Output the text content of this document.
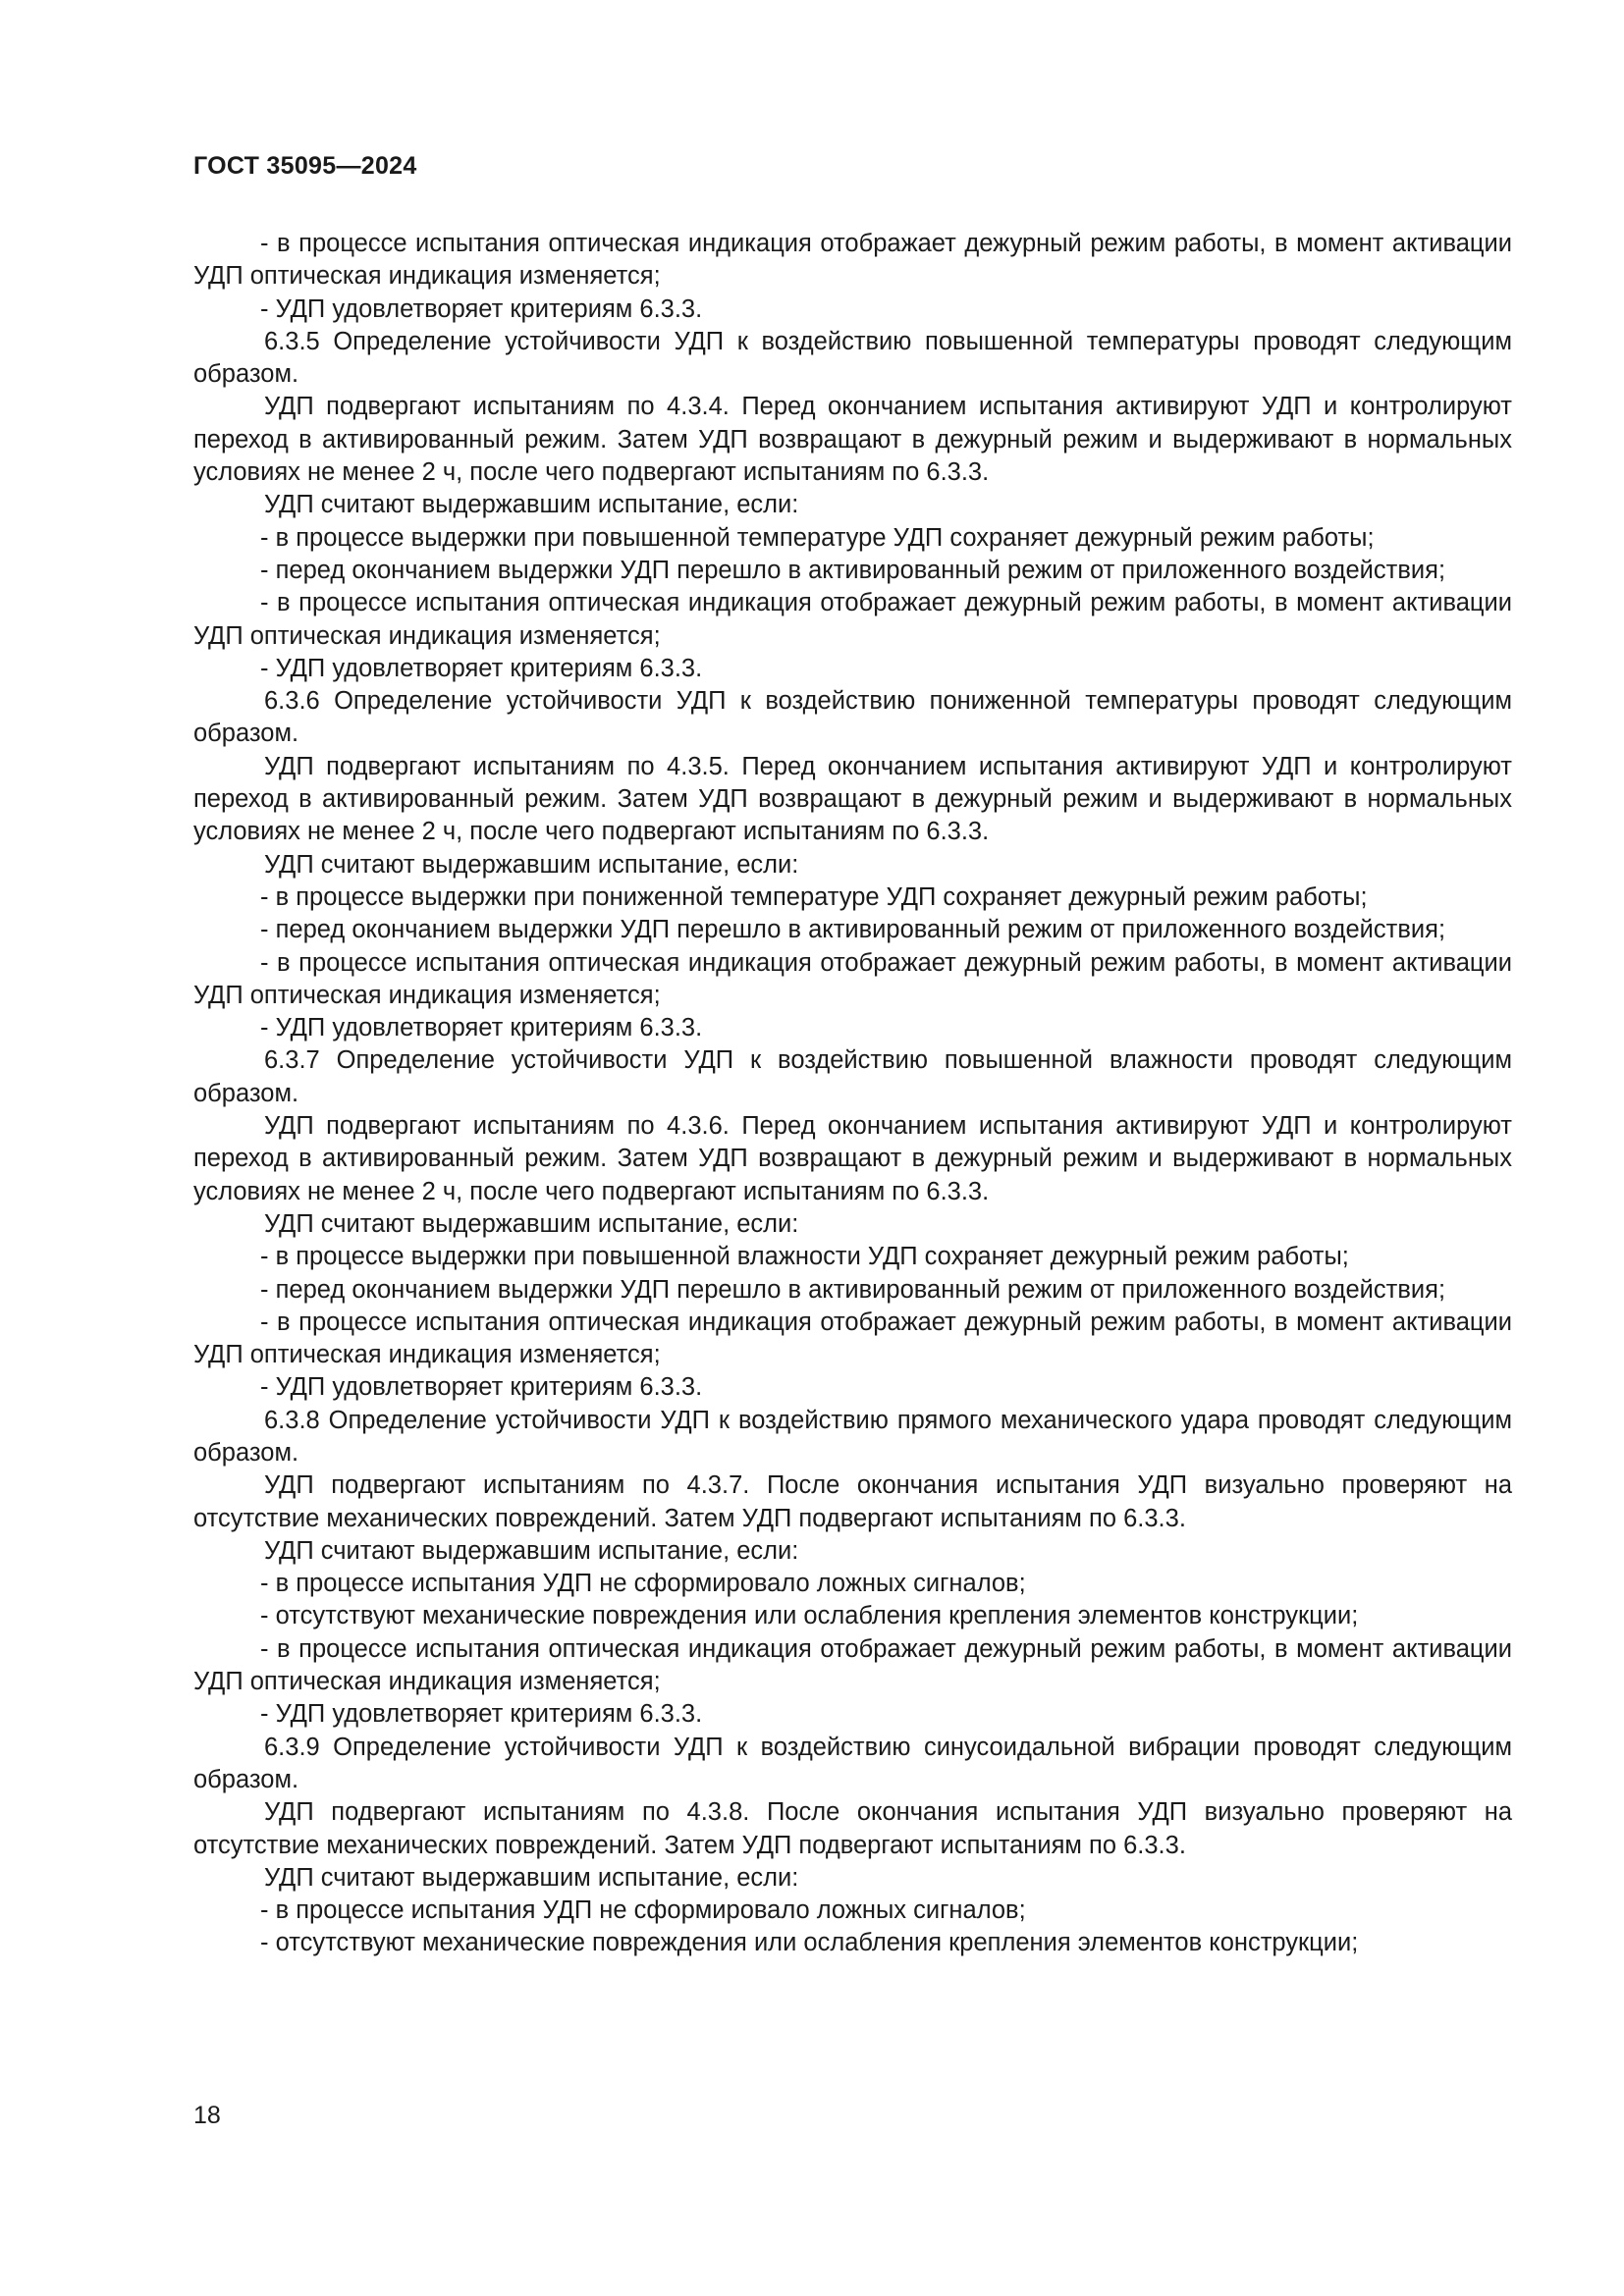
ГОСТ 35095—2024

- в процессе испытания оптическая индикация отображает дежурный режим работы, в момент активации УДП оптическая индикация изменяется;

- УДП удовлетворяет критериям 6.3.3.

6.3.5 Определение устойчивости УДП к воздействию повышенной температуры проводят следующим образом.

УДП подвергают испытаниям по 4.3.4. Перед окончанием испытания активируют УДП и контролируют переход в активированный режим. Затем УДП возвращают в дежурный режим и выдерживают в нормальных условиях не менее 2 ч, после чего подвергают испытаниям по 6.3.3.

УДП считают выдержавшим испытание, если:

- в процессе выдержки при повышенной температуре УДП сохраняет дежурный режим работы;

- перед окончанием выдержки УДП перешло в активированный режим от приложенного воздействия;

- в процессе испытания оптическая индикация отображает дежурный режим работы, в момент активации УДП оптическая индикация изменяется;

- УДП удовлетворяет критериям 6.3.3.

6.3.6 Определение устойчивости УДП к воздействию пониженной температуры проводят следующим образом.

УДП подвергают испытаниям по 4.3.5. Перед окончанием испытания активируют УДП и контролируют переход в активированный режим. Затем УДП возвращают в дежурный режим и выдерживают в нормальных условиях не менее 2 ч, после чего подвергают испытаниям по 6.3.3.

УДП считают выдержавшим испытание, если:

- в процессе выдержки при пониженной температуре УДП сохраняет дежурный режим работы;

- перед окончанием выдержки УДП перешло в активированный режим от приложенного воздействия;

- в процессе испытания оптическая индикация отображает дежурный режим работы, в момент активации УДП оптическая индикация изменяется;

- УДП удовлетворяет критериям 6.3.3.

6.3.7 Определение устойчивости УДП к воздействию повышенной влажности проводят следующим образом.

УДП подвергают испытаниям по 4.3.6. Перед окончанием испытания активируют УДП и контролируют переход в активированный режим. Затем УДП возвращают в дежурный режим и выдерживают в нормальных условиях не менее 2 ч, после чего подвергают испытаниям по 6.3.3.

УДП считают выдержавшим испытание, если:

- в процессе выдержки при повышенной влажности УДП сохраняет дежурный режим работы;

- перед окончанием выдержки УДП перешло в активированный режим от приложенного воздействия;

- в процессе испытания оптическая индикация отображает дежурный режим работы, в момент активации УДП оптическая индикация изменяется;

- УДП удовлетворяет критериям 6.3.3.

6.3.8 Определение устойчивости УДП к воздействию прямого механического удара проводят следующим образом.

УДП подвергают испытаниям по 4.3.7. После окончания испытания УДП визуально проверяют на отсутствие механических повреждений. Затем УДП подвергают испытаниям по 6.3.3.

УДП считают выдержавшим испытание, если:

- в процессе испытания УДП не сформировало ложных сигналов;

- отсутствуют механические повреждения или ослабления крепления элементов конструкции;

- в процессе испытания оптическая индикация отображает дежурный режим работы, в момент активации УДП оптическая индикация изменяется;

- УДП удовлетворяет критериям 6.3.3.

6.3.9 Определение устойчивости УДП к воздействию синусоидальной вибрации проводят следующим образом.

УДП подвергают испытаниям по 4.3.8. После окончания испытания УДП визуально проверяют на отсутствие механических повреждений. Затем УДП подвергают испытаниям по 6.3.3.

УДП считают выдержавшим испытание, если:

- в процессе испытания УДП не сформировало ложных сигналов;

- отсутствуют механические повреждения или ослабления крепления элементов конструкции;

18
